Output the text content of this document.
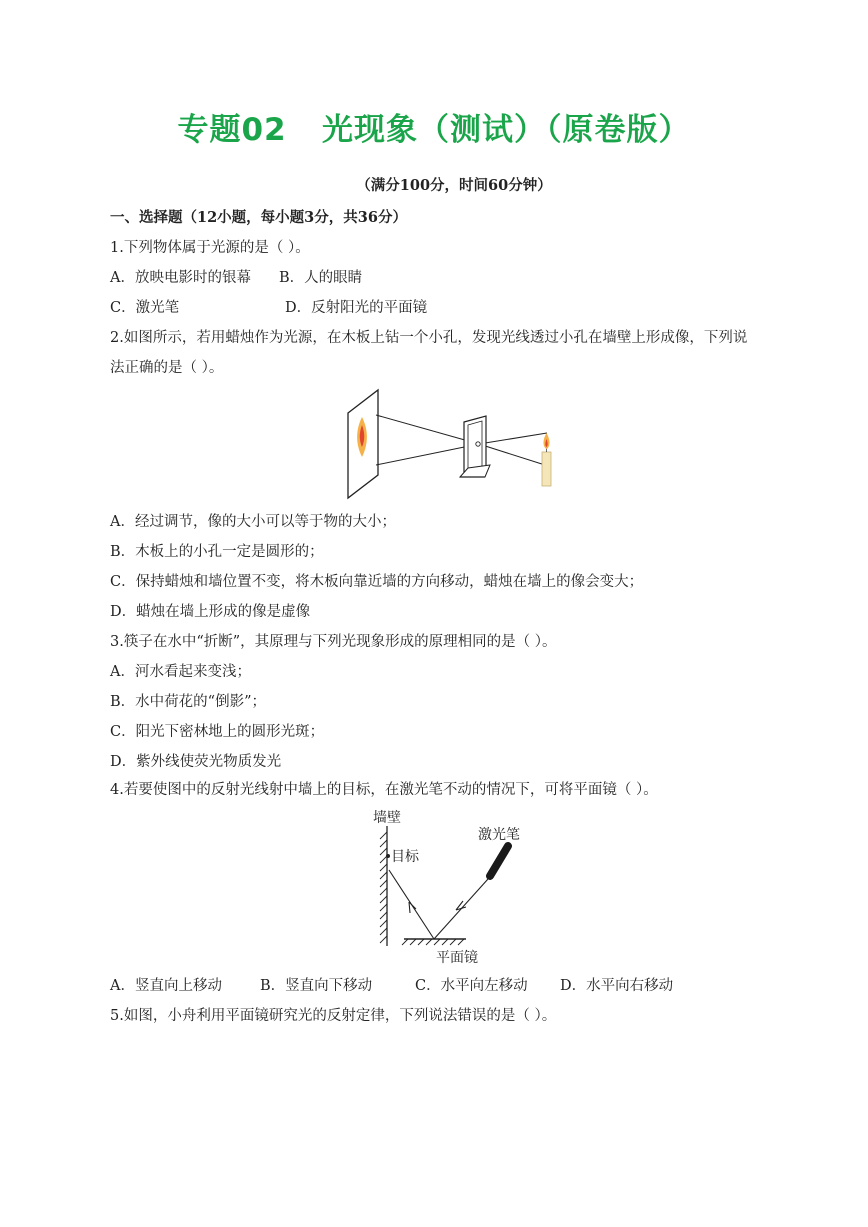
专题02   光现象（测试）（原卷版）
（满分100分，时间60分钟）
一、选择题（12小题，每小题3分，共36分）
1.下列物体属于光源的是（ ）。
A．放映电影时的银幕 B．人的眼睛
C．激光笔	D．反射阳光的平面镜
2.如图所示，若用蜡烛作为光源，在木板上钻一个小孔，发现光线透过小孔在墙壁上形成像，下列说
法正确的是（ ）。
A．经过调节，像的大小可以等于物的大小；
B．木板上的小孔一定是圆形的；
C．保持蜡烛和墙位置不变，将木板向靠近墙的方向移动，蜡烛在墙上的像会变大；
D．蜡烛在墙上形成的像是虚像
3.筷子在水中“折断”，其原理与下列光现象形成的原理相同的是（ ）。
A．河水看起来变浅；
B．水中荷花的“倒影”；
C．阳光下密林地上的圆形光斑；
D．紫外线使荧光物质发光
4.若要使图中的反射光线射中墙上的目标，在激光笔不动的情况下，可将平面镜（ ）。
墙壁
目标
激光笔
平面镜
A．竖直向上移动	B．竖直向下移动	C．水平向左移动 D．水平向右移动
5.如图，小舟利用平面镜研究光的反射定律，下列说法错误的是（ ）。
